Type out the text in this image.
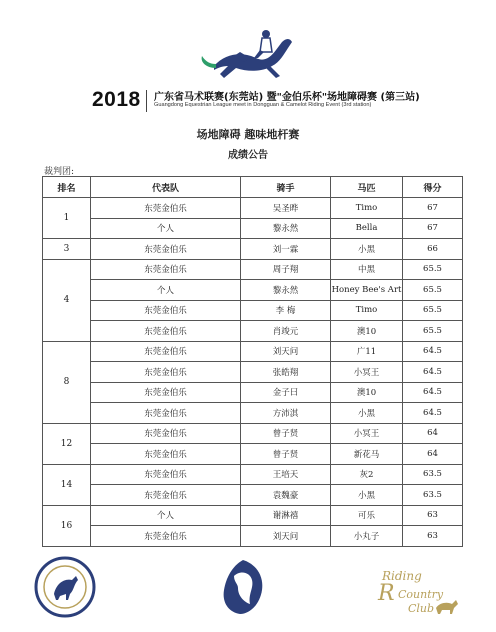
2018 广东省马术联赛(东莞站) 暨"金伯乐杯"场地障碍赛 (第三站)
Guangdong Equestrian League meet in Dongguan & Camelot Riding Event (3rd station)
场地障碍 趣味地杆赛
成绩公告
裁判团:
排名	代表队	骑手	马匹	得分
1	东莞金伯乐	吴圣晔	Timo	67
	个人	黎永然	Bella	67
3	东莞金伯乐	刘一霖	小黑	66
4	东莞金伯乐	周子翔	中黑	65.5
	个人	黎永然	Honey Bee's Art	65.5
	东莞金伯乐	李 梅	Timo	65.5
	东莞金伯乐	肖竣元	澳10	65.5
8	东莞金伯乐	刘天问	广11	64.5
	东莞金伯乐	张皓翔	小冥王	64.5
	东莞金伯乐	金子曰	澳10	64.5
	东莞金伯乐	方沛淇	小黑	64.5
12	东莞金伯乐	曾子贤	小冥王	64
	东莞金伯乐	曾子贤	新花马	64
14	东莞金伯乐	王培天	灰2	63.5
	东莞金伯乐	袁魏豪	小黑	63.5
16	个人	谢淋禧	可乐	63
	东莞金伯乐	刘天问	小丸子	63
Riding
R Country
Club
